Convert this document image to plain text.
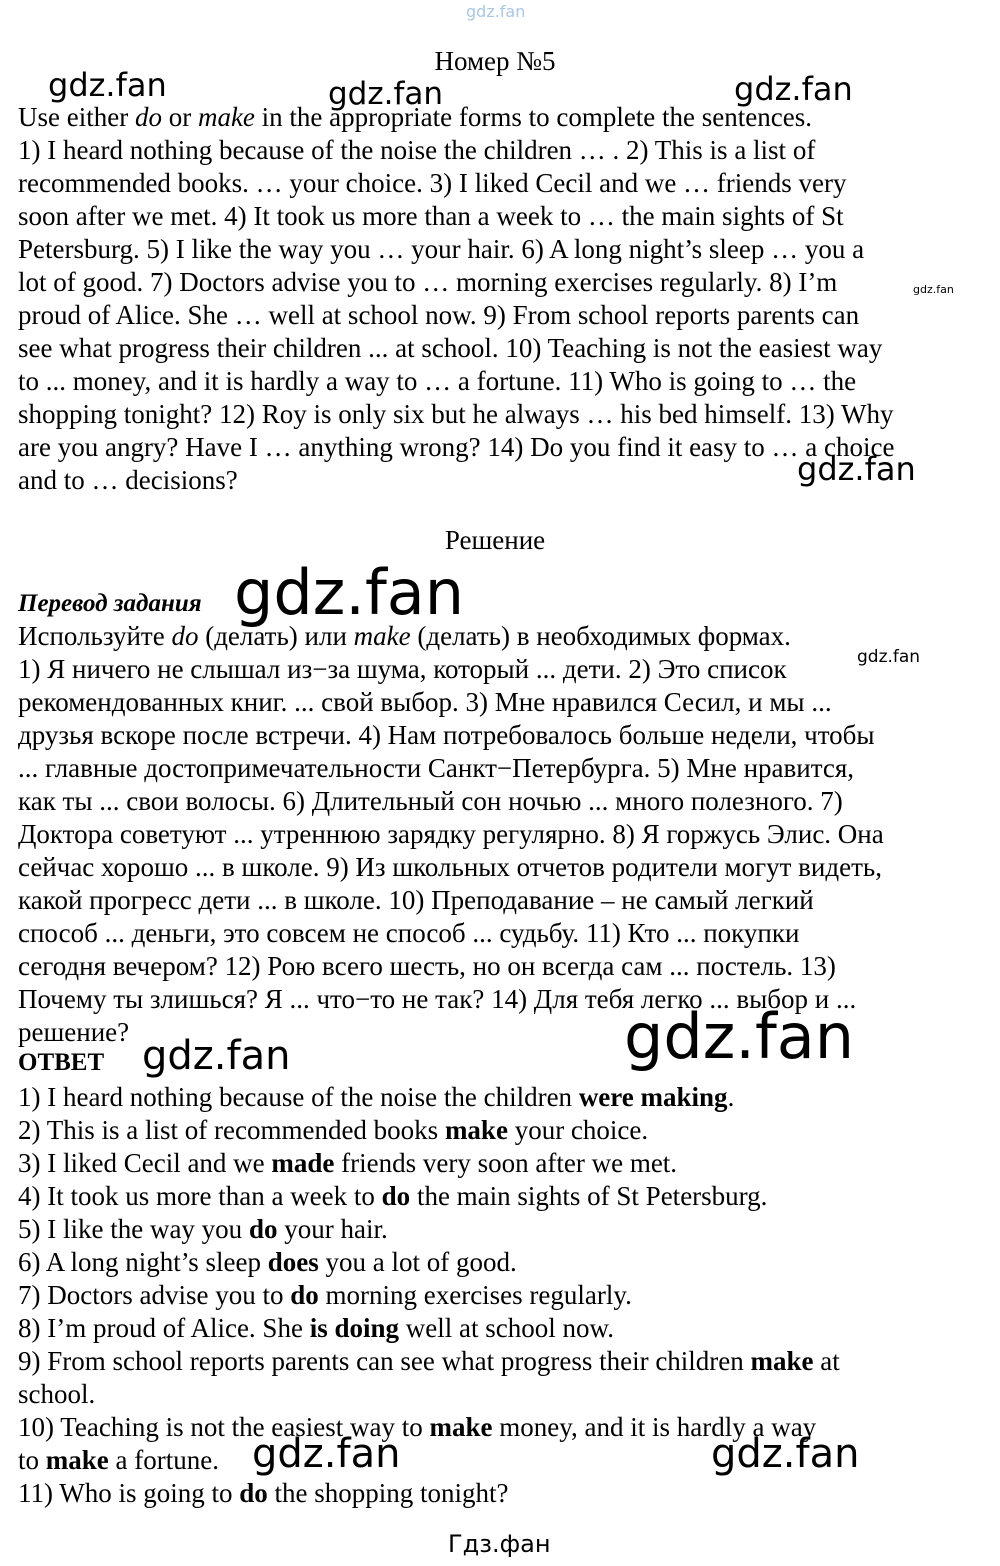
gdz.fan
Номер №5
Use either do or make in the appropriate forms to complete the sentences.
1) I heard nothing because of the noise the children … . 2) This is a list of
recommended books. … your choice. 3) I liked Cecil and we … friends very
soon after we met. 4) It took us more than a week to … the main sights of St
Petersburg. 5) I like the way you … your hair. 6) A long night’s sleep … you a
lot of good. 7) Doctors advise you to … morning exercises regularly. 8) I’m
proud of Alice. She … well at school now. 9) From school reports parents can
see what progress their children ... at school. 10) Teaching is not the easiest way
to ... money, and it is hardly a way to … a fortune. 11) Who is going to … the
shopping tonight? 12) Roy is only six but he always … his bed himself. 13) Why
are you angry? Have I … anything wrong? 14) Do you find it easy to … a choice
and to … decisions?
Решение
Перевод задания
Используйте do (делать) или make (делать) в необходимых формах.
1) Я ничего не слышал из−за шума, который ... дети. 2) Это список
рекомендованных книг. ... свой выбор. 3) Мне нравился Сесил, и мы ...
друзья вскоре после встречи. 4) Нам потребовалось больше недели, чтобы
... главные достопримечательности Санкт−Петербурга. 5) Мне нравится,
как ты ... свои волосы. 6) Длительный сон ночью ... много полезного. 7)
Доктора советуют ... утреннюю зарядку регулярно. 8) Я горжусь Элис. Она
сейчас хорошо ... в школе. 9) Из школьных отчетов родители могут видеть,
какой прогресс дети ... в школе. 10) Преподавание – не самый легкий
способ ... деньги, это совсем не способ ... судьбу. 11) Кто ... покупки
сегодня вечером? 12) Рою всего шесть, но он всегда сам ... постель. 13)
Почему ты злишься? Я ... что−то не так? 14) Для тебя легко ... выбор и ...
решение?
ОТВЕТ
1) I heard nothing because of the noise the children were making.
2) This is a list of recommended books make your choice.
3) I liked Cecil and we made friends very soon after we met.
4) It took us more than a week to do the main sights of St Petersburg.
5) I like the way you do your hair.
6) A long night’s sleep does you a lot of good.
7) Doctors advise you to do morning exercises regularly.
8) I’m proud of Alice. She is doing well at school now.
9) From school reports parents can see what progress their children make at
school.
10) Teaching is not the easiest way to make money, and it is hardly a way
to make a fortune.
11) Who is going to do the shopping tonight?
gdz.fan	gdz.fan	gdz.fan
gdz.fan
gdz.fan
gdz.fan
gdz.fan
gdz.fan
gdz.fan
gdz.fan	gdz.fan
Гдз.фан
